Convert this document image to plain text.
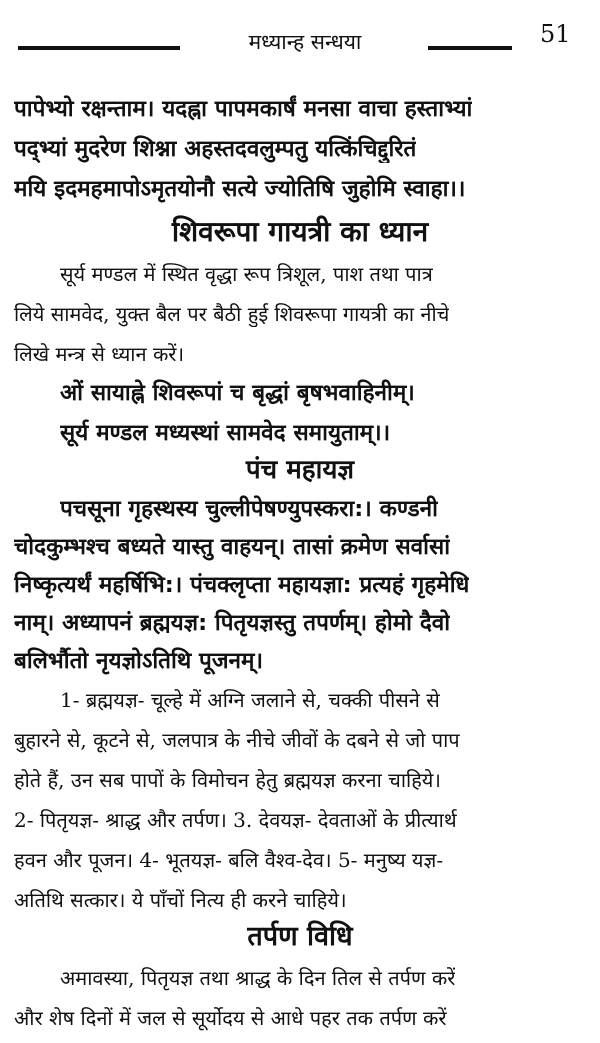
मध्यान्ह सन्धया	51
पापेभ्यो रक्षन्ताम। यदह्ना पापमकार्षं मनसा वाचा हस्ताभ्यां
पद्भ्यां मुदरेण शिश्ना अहस्तदवलुम्पतु यत्किंचिद्दुरितं
मयि इदमहमापोऽमृतयोनौ सत्ये ज्योतिषि जुहोमि स्वाहा।।
शिवरूपा गायत्री का ध्यान
सूर्य मण्डल में स्थित वृद्धा रूप त्रिशूल, पाश तथा पात्र
लिये सामवेद, युक्त बैल पर बैठी हुई शिवरूपा गायत्री का नीचे
लिखे मन्त्र से ध्यान करें।
ओं सायाह्ने शिवरूपां च बृद्धां बृषभवाहिनीम्।
सूर्य मण्डल मध्यस्थां सामवेद समायुताम्।।
पंच महायज्ञ
पचसूना गृहस्थस्य चुल्लीपेषण्युपस्करा:। कण्डनी
चोदकुम्भश्च बध्यते यास्तु वाहयन्। तासां क्रमेण सर्वासां
निष्कृत्यर्थं महर्षिभि:। पंचक्लृप्ता महायज्ञा: प्रत्यहं गृहमेधि
नाम्। अध्यापनं ब्रह्मयज्ञ: पितृयज्ञस्तु तपर्णम्। होमो दैवो
बलिर्भौतो नृयज्ञोऽतिथि पूजनम्।
1- ब्रह्मयज्ञ- चूल्हे में अग्नि जलाने से, चक्की पीसने से
बुहारने से, कूटने से, जलपात्र के नीचे जीवों के दबने से जो पाप
होते हैं, उन सब पापों के विमोचन हेतु ब्रह्मयज्ञ करना चाहिये।
2- पितृयज्ञ- श्राद्ध और तर्पण। 3. देवयज्ञ- देवताओं के प्रीत्यार्थ
हवन और पूजन। 4- भूतयज्ञ- बलि वैश्व-देव। 5- मनुष्य यज्ञ-
अतिथि सत्कार। ये पाँचों नित्य ही करने चाहिये।
तर्पण विधि
अमावस्या, पितृयज्ञ तथा श्राद्ध के दिन तिल से तर्पण करें
और शेष दिनों में जल से सूर्योदय से आधे पहर तक तर्पण करें
